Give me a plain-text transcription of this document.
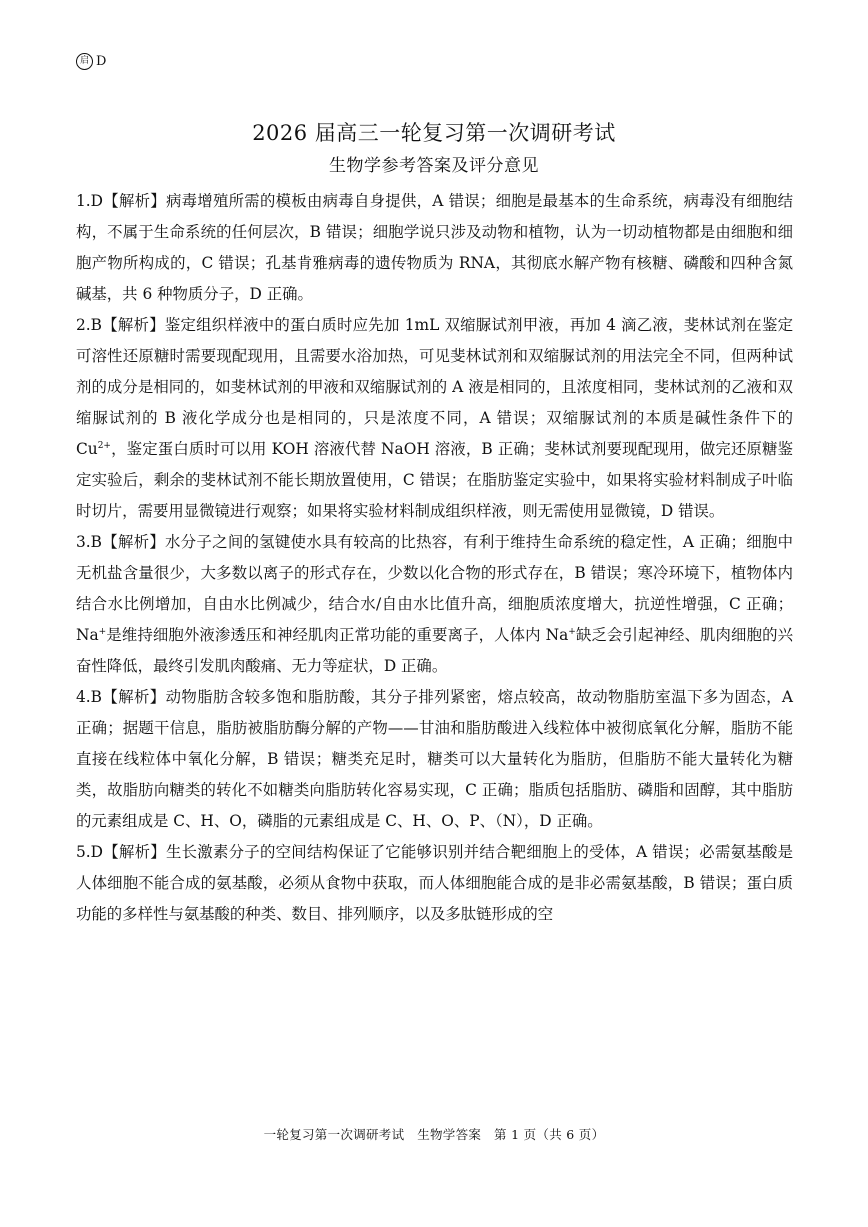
启 D
2026 届高三一轮复习第一次调研考试
生物学参考答案及评分意见

1.D【解析】病毒增殖所需的模板由病毒自身提供，A 错误；细胞是最基本的生命系统，病毒没有细胞结构，不属于生命系统的任何层次，B 错误；细胞学说只涉及动物和植物，认为一切动植物都是由细胞和细胞产物所构成的，C 错误；孔基肯雅病毒的遗传物质为 RNA，其彻底水解产物有核糖、磷酸和四种含氮碱基，共 6 种物质分子，D 正确。

2.B【解析】鉴定组织样液中的蛋白质时应先加 1mL 双缩脲试剂甲液，再加 4 滴乙液，斐林试剂在鉴定可溶性还原糖时需要现配现用，且需要水浴加热，可见斐林试剂和双缩脲试剂的用法完全不同，但两种试剂的成分是相同的，如斐林试剂的甲液和双缩脲试剂的 A 液是相同的，且浓度相同，斐林试剂的乙液和双缩脲试剂的 B 液化学成分也是相同的，只是浓度不同，A 错误；双缩脲试剂的本质是碱性条件下的 $Cu^{2+}$，鉴定蛋白质时可以用 KOH 溶液代替 NaOH 溶液，B 正确；斐林试剂要现配现用，做完还原糖鉴定实验后，剩余的斐林试剂不能长期放置使用，C 错误；在脂肪鉴定实验中，如果将实验材料制成子叶临时切片，需要用显微镜进行观察；如果将实验材料制成组织样液，则无需使用显微镜，D 错误。

3.B【解析】水分子之间的氢键使水具有较高的比热容，有利于维持生命系统的稳定性，A 正确；细胞中无机盐含量很少，大多数以离子的形式存在，少数以化合物的形式存在，B 错误；寒冷环境下，植物体内结合水比例增加，自由水比例减少，结合水/自由水比值升高，细胞质浓度增大，抗逆性增强，C 正确；Na+是维持细胞外液渗透压和神经肌肉正常功能的重要离子，人体内 Na+缺乏会引起神经、肌肉细胞的兴奋性降低，最终引发肌肉酸痛、无力等症状，D 正确。

4.B【解析】动物脂肪含较多饱和脂肪酸，其分子排列紧密，熔点较高，故动物脂肪室温下多为固态，A 正确；据题干信息，脂肪被脂肪酶分解的产物——甘油和脂肪酸进入线粒体中被彻底氧化分解，脂肪不能直接在线粒体中氧化分解，B 错误；糖类充足时，糖类可以大量转化为脂肪，但脂肪不能大量转化为糖类，故脂肪向糖类的转化不如糖类向脂肪转化容易实现，C 正确；脂质包括脂肪、磷脂和固醇，其中脂肪的元素组成是 C、H、O，磷脂的元素组成是 C、H、O、P、（N），D 正确。

5.D【解析】生长激素分子的空间结构保证了它能够识别并结合靶细胞上的受体，A 错误；必需氨基酸是人体细胞不能合成的氨基酸，必须从食物中获取，而人体细胞能合成的是非必需氨基酸，B 错误；蛋白质功能的多样性与氨基酸的种类、数目、排列顺序，以及多肽链形成的空

一轮复习第一次调研考试　生物学答案　第 1 页（共 6 页）
